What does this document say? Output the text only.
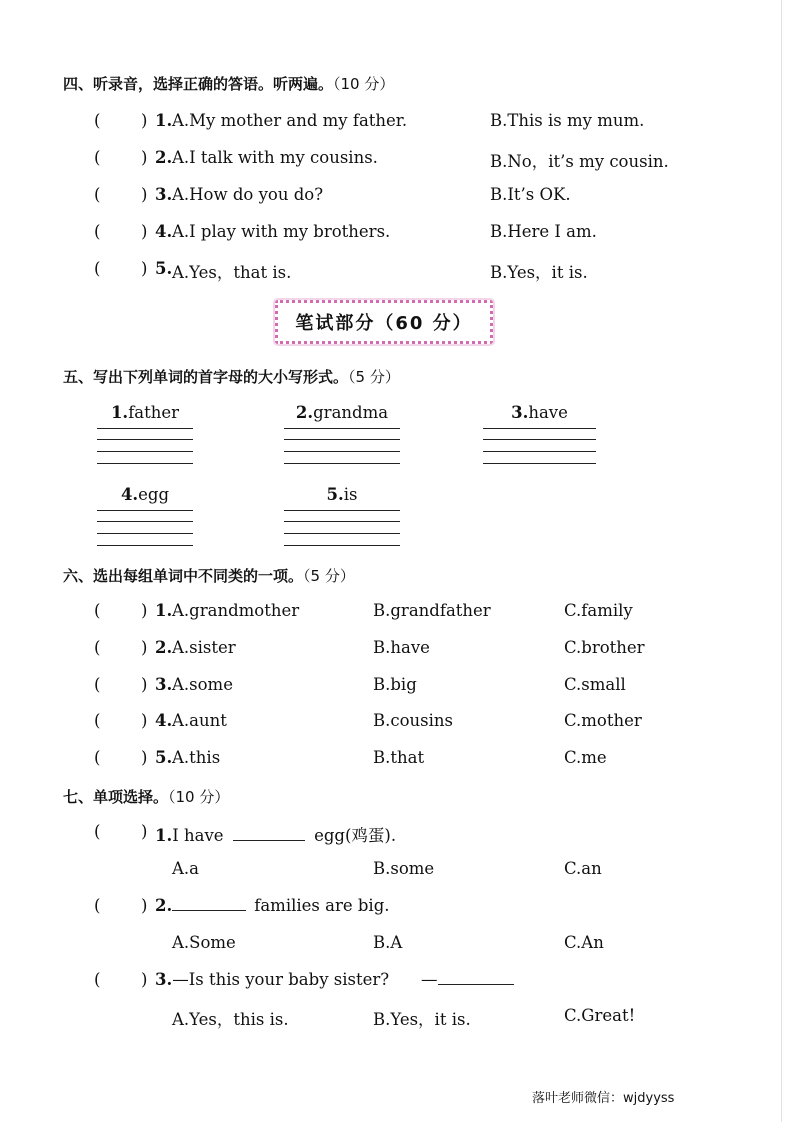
四、听录音，选择正确的答语。听两遍。（10 分）
( ) 1. A.My mother and my father.	B.This is my mum.
( ) 2. A.I talk with my cousins.	B.No，it’s my cousin.
( ) 3. A.How do you do?	B.It’s OK.
( ) 4. A.I play with my brothers.	B.Here I am.
( ) 5. A.Yes，that is.	B.Yes，it is.
笔试部分（60 分）
五、写出下列单词的首字母的大小写形式。（5 分）
1.father	2.grandma	3.have
4.egg	5.is
六、选出每组单词中不同类的一项。（5 分）
( ) 1. A.grandmother	B.grandfather	C.family
( ) 2. A.sister	B.have	C.brother
( ) 3. A.some	B.big	C.small
( ) 4. A.aunt	B.cousins	C.mother
( ) 5. A.this	B.that	C.me
七、单项选择。（10 分）
( ) 1.I have	egg(鸡蛋).
A.a	B.some	C.an
( ) 2.	families are big.
A.Some	B.A	C.An
( ) 3.—Is this your baby sister? —
A.Yes，this is.	B.Yes，it is.	C.Great!
落叶老师微信：wjdyyss
